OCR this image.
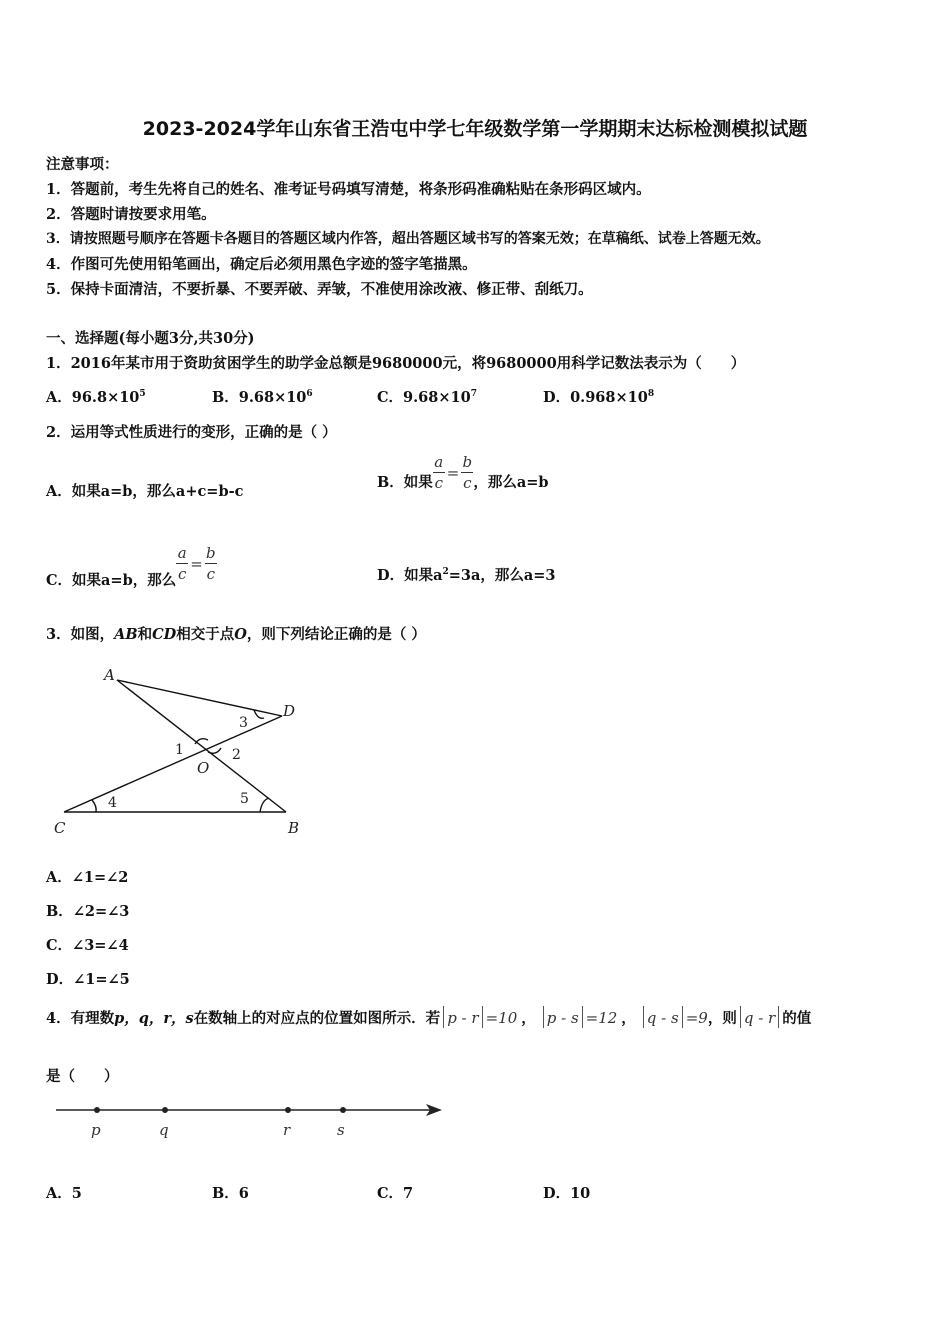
2023-2024学年山东省王浩屯中学七年级数学第一学期期末达标检测模拟试题
注意事项：
1．答题前，考生先将自己的姓名、准考证号码填写清楚，将条形码准确粘贴在条形码区域内。
2．答题时请按要求用笔。
3．请按照题号顺序在答题卡各题目的答题区域内作答，超出答题区域书写的答案无效；在草稿纸、试卷上答题无效。
4．作图可先使用铅笔画出，确定后必须用黑色字迹的签字笔描黑。
5．保持卡面清洁，不要折暴、不要弄破、弄皱，不准使用涂改液、修正带、刮纸刀。
一、选择题(每小题3分,共30分)
1．2016年某市用于资助贫困学生的助学金总额是9680000元，将9680000用科学记数法表示为（　　）
A．$96.8\times 10^5$	B．$9.68\times 10^6$	C．$9.68\times 10^7$	D．$0.968\times 10^8$
2．运用等式性质进行的变形，正确的是（ ）
A．如果a=b，那么a+c=b-c
B．如果 $\frac{a}{c} = \frac{b}{c}$ ，那么a=b
C．如果a=b，那么 $\frac{a}{c} = \frac{b}{c}$	D．如果$a^2=3a$，那么a=3
3．如图，AB和CD相交于点O，则下列结论正确的是（ ）
A
D
O
C	B
3
1	2
4	5
A．∠1=∠2
B．∠2=∠3
C．∠3=∠4
D．∠1=∠5
4．有理数 p，q，r，s 在数轴上的对应点的位置如图所示．若 p - r =10 ， p - s =12 ， q - s =9 ，则 q - r 的值
是（　　）
p	q	r	s
A．5	B．6	C．7	D．10
